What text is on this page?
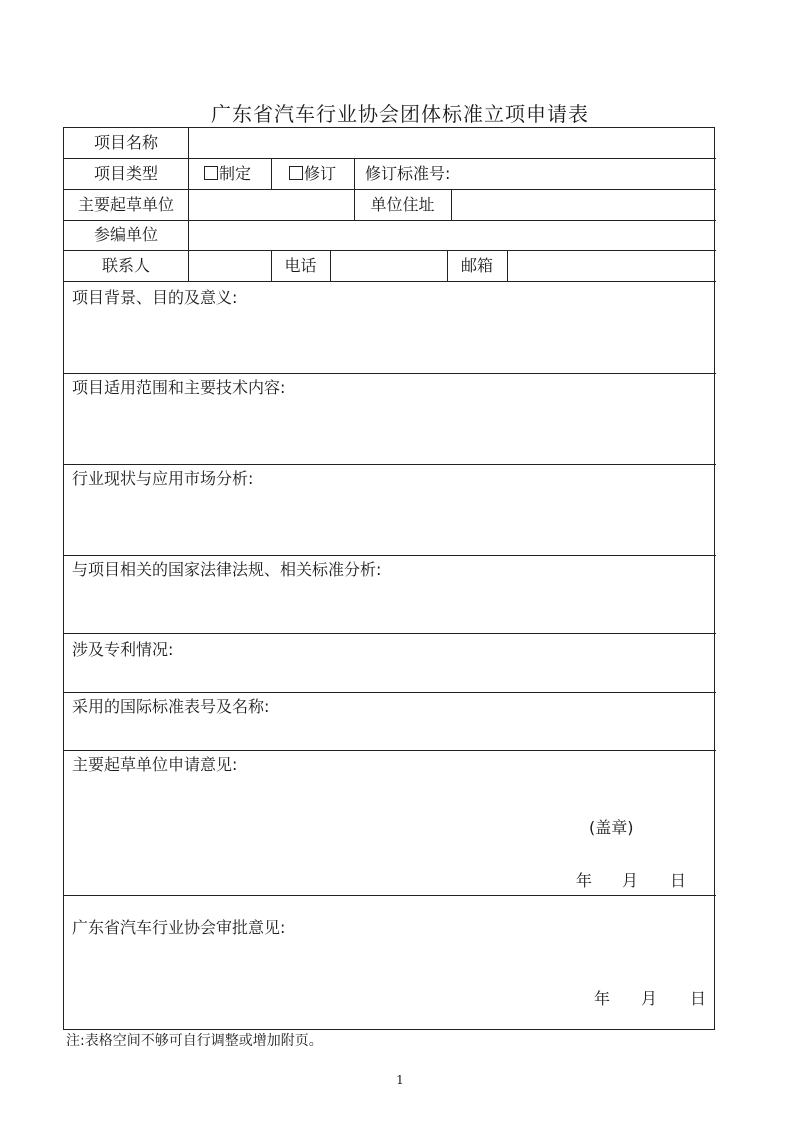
广东省汽车行业协会团体标准立项申请表
项目名称
项目类型	制定	修订 修订标准号:
主要起草单位	单位住址
参编单位
联系人	电话	邮箱
项目背景、目的及意义:
项目适用范围和主要技术内容:
行业现状与应用市场分析:
与项目相关的国家法律法规、相关标准分析:
涉及专利情况:
采用的国际标准表号及名称:
主要起草单位申请意见:
(盖章)
年 月 日
广东省汽车行业协会审批意见:
年 月 日
注:表格空间不够可自行调整或增加附页。
1
